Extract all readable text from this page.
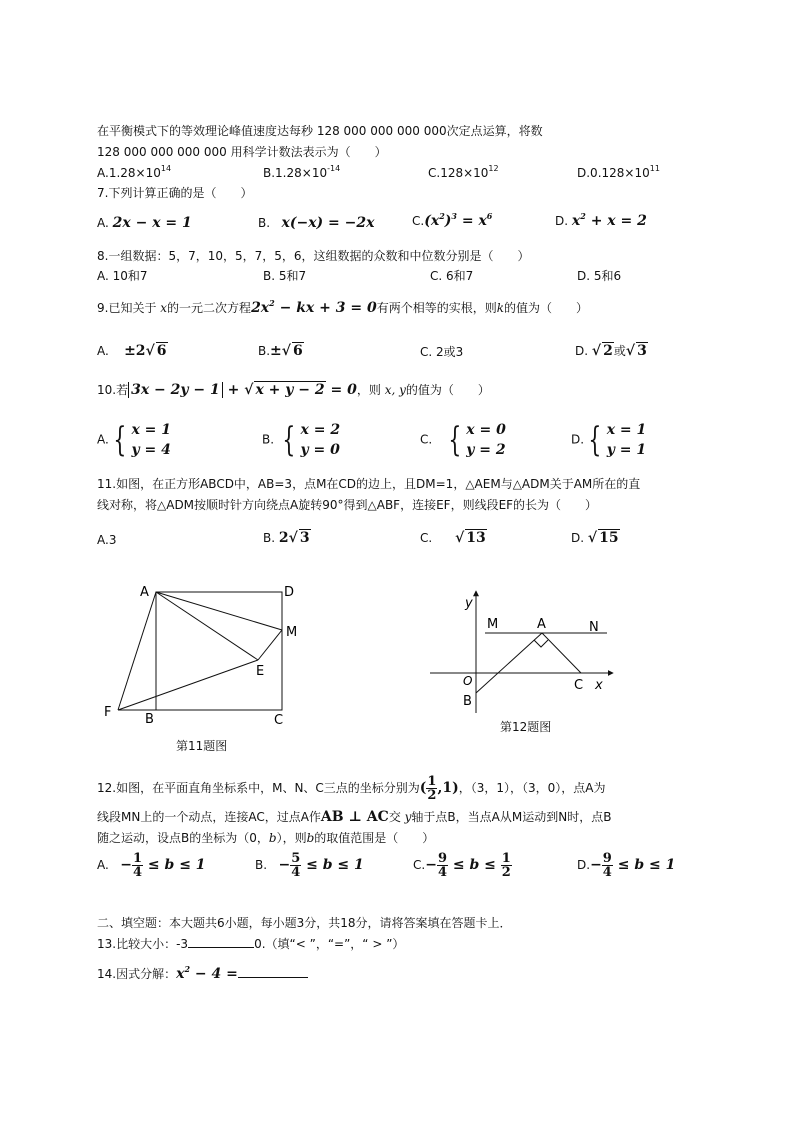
在平衡模式下的等效理论峰值速度达每秒 128 000 000 000 000次定点运算，将数
128 000 000 000 000 用科学计数法表示为（　　）
$A.1.28\times 10^{14}$	$B.1.28\times 10^{-14}$	$C.128\times 10^{12}$	$D.0.128\times 10^{11}$
7.下列计算正确的是（　　）
A. 2x − x = 1	B. x(−x) = −2x	$C.(x^2)^3 = x^6$	D. $x^2 + x = 2$
8.一组数据：5，7，10，5，7，5，6，这组数据的众数和中位数分别是（　　）
A. 10和7	B. 5和7	C. 6和7	D. 5和6
9.已知关于 x的一元二次方程$2x^2$ − kx + 3 = 0有两个相等的实根，则k的值为（　　）
A. ±2√ 6	B.±√ 6	C. 2或3	D. √ 2或√ 3
10.若 3x − 2y − 1 + √ x + y − 2 = 0，则 x, y的值为（　　）
A. { x = 1
y = 4
B. { x = 2
y = 0
C. { x = 0
y = 2
D. { x = 1
y = 1
11.如图，在正方形ABCD中，AB=3，点M在CD的边上，且DM=1，△AEM与△ADM关于AM所在的直
线对称，将△ADM按顺时针方向绕点A旋转90°得到△ABF，连接EF，则线段EF的长为（　　）
A.3	B. 2√ 3	C. √ 13	D. √ 15
A	D
M
E
F	B	C
第11题图
y
M	A	N
O
B
C x
第12题图
12.如图，在平面直角坐标系中，M、N、C三点的坐标分别为( $\frac{1}{2} ,1$)，（3，1），（3，0），点A为
线段MN上的一个动点，连接AC，过点A作AB ⊥ AC交 y轴于点B，当点A从M运动到N时，点B
随之运动，设点B的坐标为（0，b），则b的取值范围是（　　）
A. − $\frac{1}{4} \le b \le 1$	B. − $\frac{5}{4} \le b \le 1$	$C.- \frac{9}{4} \le b \le \frac{1}{2}$	$D.- \frac{9}{4} \le b \le 1$
二、填空题：本大题共6小题，每小题3分，共18分，请将答案填在答题卡上．
13.比较大小：-3	0.（填“< ”，“=”，“ > ”）
14.因式分解：$x^2 - 4$ =
